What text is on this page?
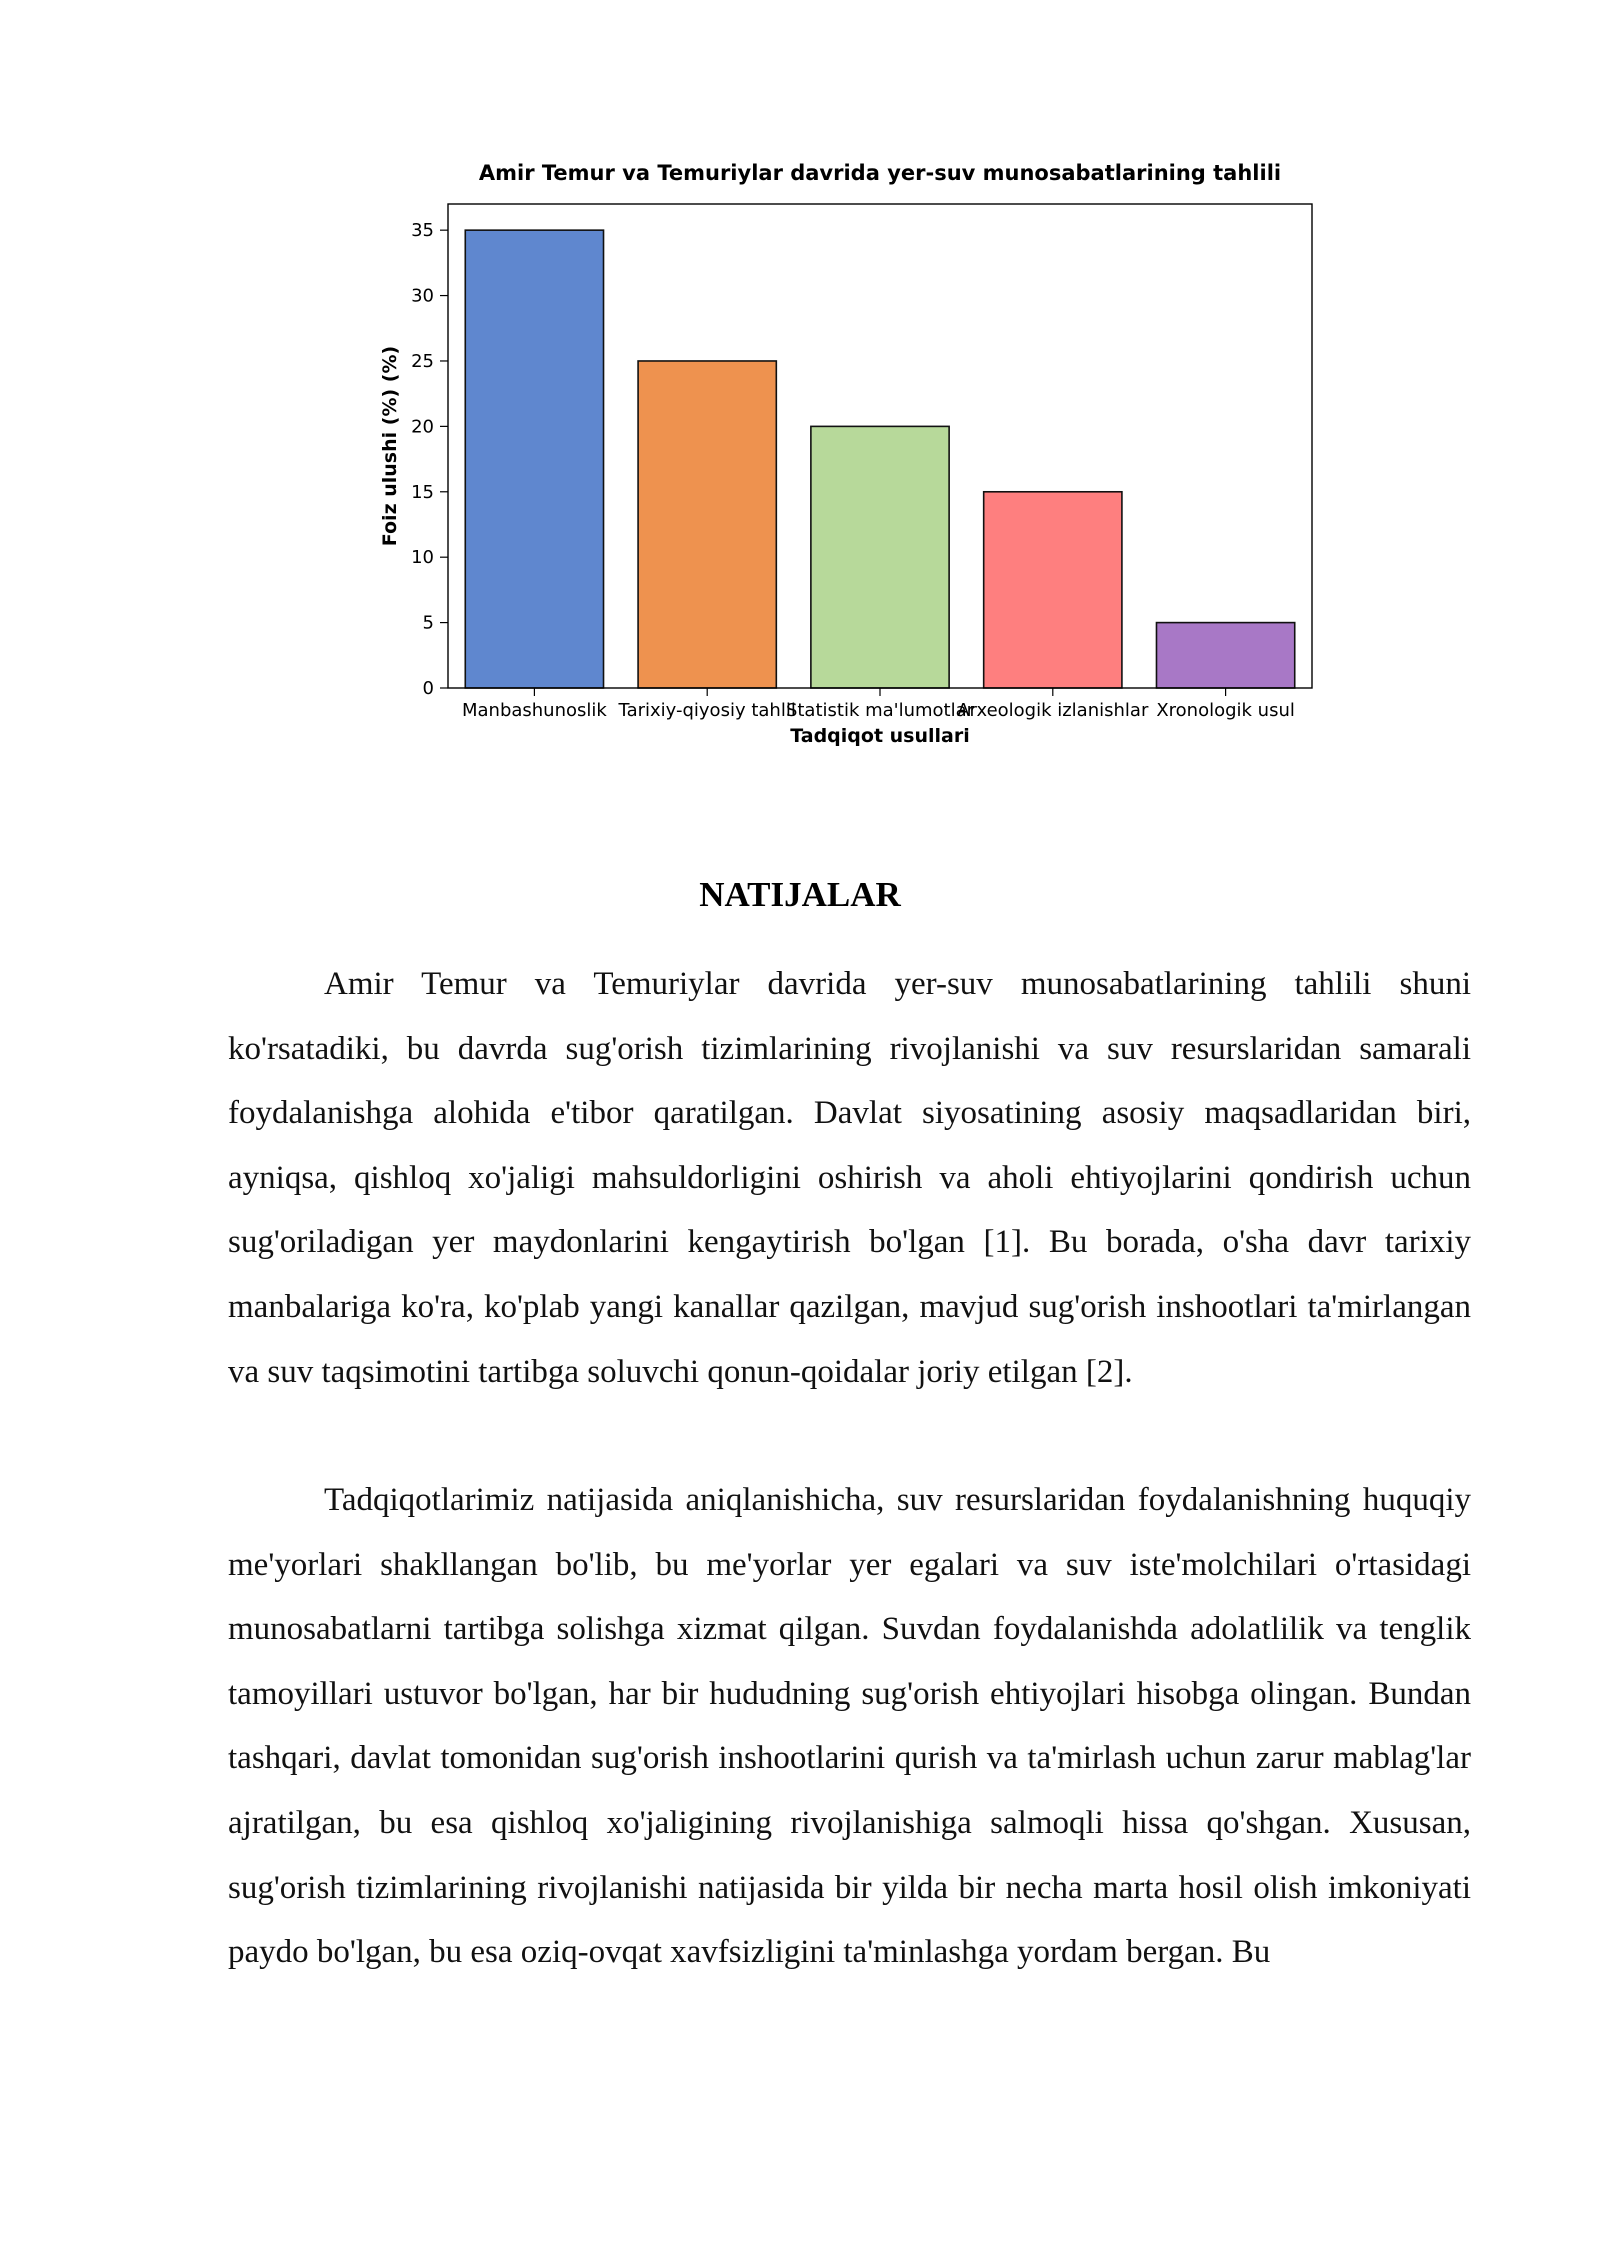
Amir Temur va Temuriylar davrida yer-suv munosabatlarining tahlili
0
5
10
15
20
25
30
35
Manbashunoslik Tarixiy-qiyosiy tahlil
Statistik ma'lumotlar
Arxeologik izlanishlar Xronologik usul
Tadqiqot usullari
Foiz ulushi (%) (%)
NATIJALAR

Amir Temur va Temuriylar davrida yer-suv munosabatlarining tahlili shuni ko'rsatadiki, bu davrda sug'orish tizimlarining rivojlanishi va suv resurslaridan samarali foydalanishga alohida e'tibor qaratilgan. Davlat siyosatining asosiy maqsadlaridan biri, ayniqsa, qishloq xo'jaligi mahsuldorligini oshirish va aholi ehtiyojlarini qondirish uchun sug'oriladigan yer maydonlarini kengaytirish bo'lgan [1]. Bu borada, o'sha davr tarixiy manbalariga ko'ra, ko'plab yangi kanallar qazilgan, mavjud sug'orish inshootlari ta'mirlangan va suv taqsimotini tartibga soluvchi qonun-qoidalar joriy etilgan [2].

Tadqiqotlarimiz natijasida aniqlanishicha, suv resurslaridan foydalanishning huquqiy me'yorlari shakllangan bo'lib, bu me'yorlar yer egalari va suv iste'molchilari o'rtasidagi munosabatlarni tartibga solishga xizmat qilgan. Suvdan foydalanishda adolatlilik va tenglik tamoyillari ustuvor bo'lgan, har bir hududning sug'orish ehtiyojlari hisobga olingan. Bundan tashqari, davlat tomonidan sug'orish inshootlarini qurish va ta'mirlash uchun zarur mablag'lar ajratilgan, bu esa qishloq xo'jaligining rivojlanishiga salmoqli hissa qo'shgan. Xususan, sug'orish tizimlarining rivojlanishi natijasida bir yilda bir necha marta hosil olish imkoniyati paydo bo'lgan, bu esa oziq-ovqat xavfsizligini ta'minlashga yordam bergan. Bu
